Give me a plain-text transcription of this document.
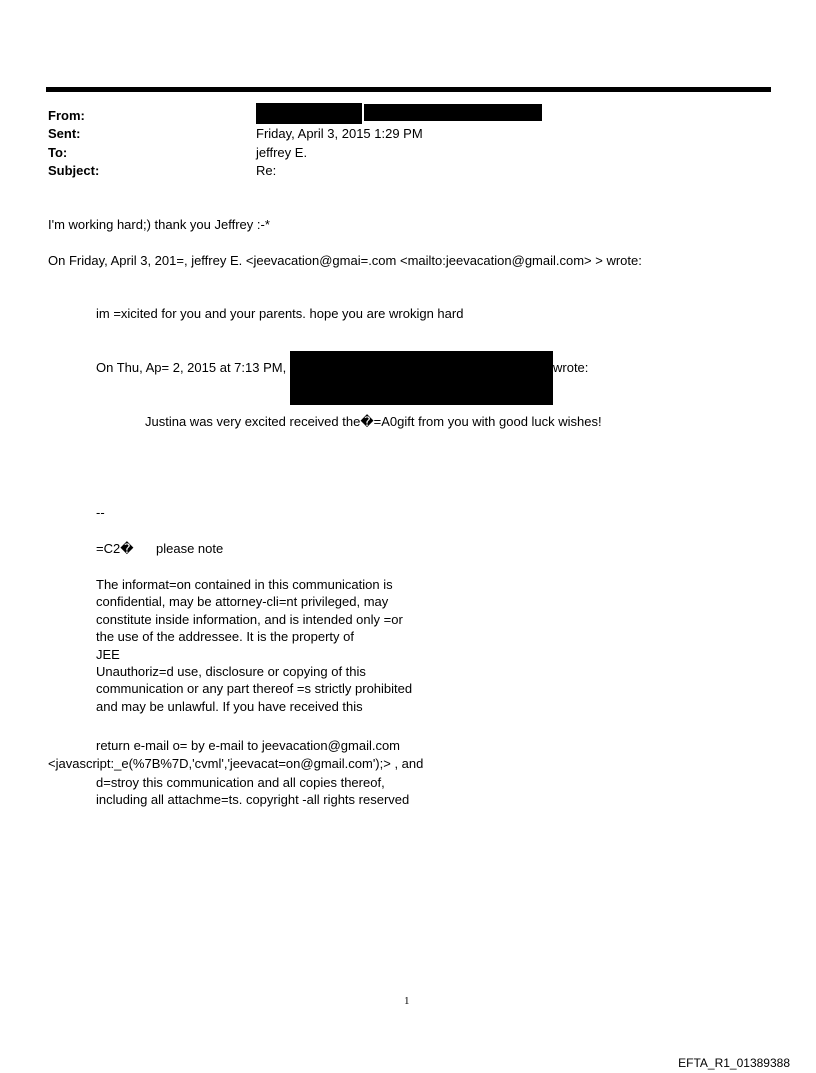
From:
Sent:	Friday, April 3, 2015 1:29 PM
To:	jeffrey E.
Subject:	Re:
I'm working hard;) thank you Jeffrey :-*
On Friday, April 3, 201=, jeffrey E. <jeevacation@gmai=.com <mailto:jeevacation@gmail.com> > wrote:
im =xicited for you and your parents. hope you are wrokign hard
On Thu, Ap= 2, 2015 at 7:13 PM,	wrote:
Justina was very excited received the�=A0gift from you with good luck wishes!
--
=C2� please note
The informat=on contained in this communication is
confidential, may be attorney-cli=nt privileged, may
constitute inside information, and is intended only =or
the use of the addressee. It is the property of
JEE
Unauthoriz=d use, disclosure or copying of this
communication or any part thereof =s strictly prohibited
and may be unlawful. If you have received this
return e-mail o= by e-mail to jeevacation@gmail.com
<javascript:_e(%7B%7D,'cvml','jeevacat=on@gmail.com');> , and
d=stroy this communication and all copies thereof,
including all attachme=ts. copyright -all rights reserved
1
EFTA_R1_01389388
